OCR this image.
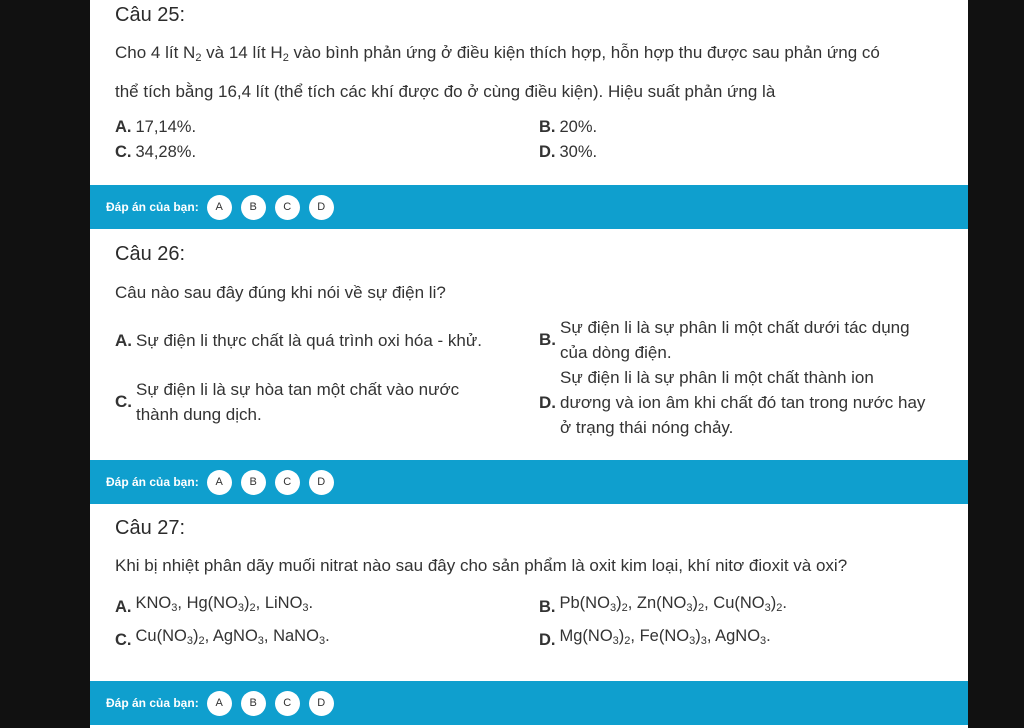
Câu 25:
Cho 4 lít $N_2$ và 14 lít $H_2$ vào bình phản ứng ở điều kiện thích hợp, hỗn hợp thu được sau phản ứng có
thể tích bằng 16,4 lít (thể tích các khí được đo ở cùng điều kiện). Hiệu suất phản ứng là
A. 17,14%.	B. 20%.
C. 34,28%.	D. 30%.
Đáp án của bạn:	A	B	C	D
Câu 26:
Câu nào sau đây đúng khi nói về sự điện li?
A. Sự điện li thực chất là quá trình oxi hóa - khử.	B.
Sự điện li là sự phân li một chất dưới tác dụng
của dòng điện.
C.
Sự điện li là sự hòa tan một chất vào nước
thành dung dịch.
D.
Sự điện li là sự phân li một chất thành ion
dương và ion âm khi chất đó tan trong nước hay
ở trạng thái nóng chảy.
Đáp án của bạn:	A	B	C	D
Câu 27:
Khi bị nhiệt phân dãy muối nitrat nào sau đây cho sản phẩm là oxit kim loại, khí nitơ đioxit và oxi?
A. $KNO_3$, $Hg(NO_3)_2$, LiNO$_3$.	B. $Pb(NO_3)_2$, $Zn(NO_3)_2$, $Cu(NO_3)_2$.
C. $Cu(NO_3)_2$, AgNO$_3$, NaNO$_3$.	D. $Mg(NO_3)_2$, $Fe(NO_3)_3$, AgNO$_3$.
Đáp án của bạn:	A	B	C	D
